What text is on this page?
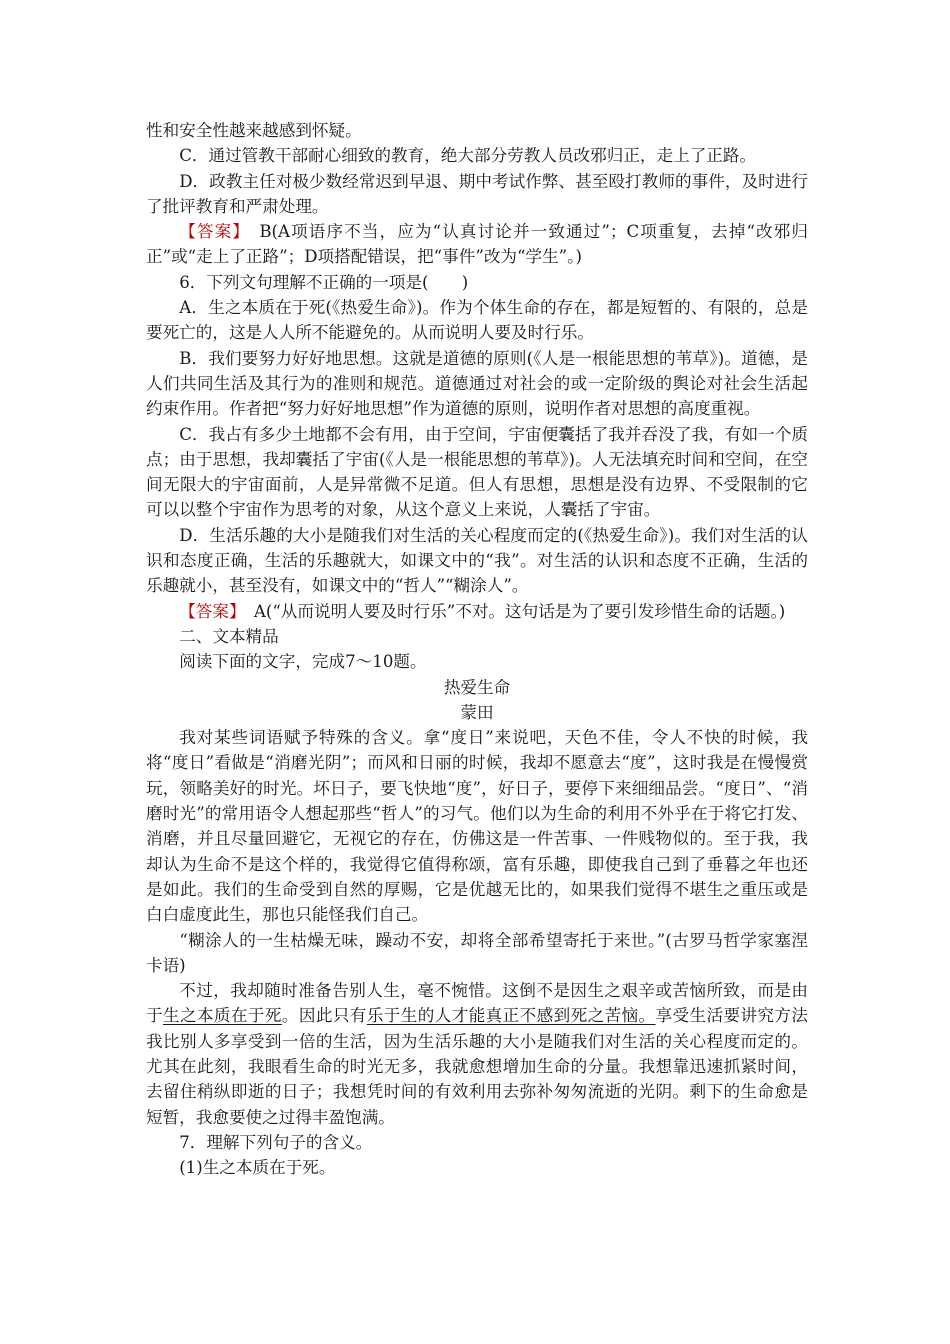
性和安全性越来越感到怀疑。

C．通过管教干部耐心细致的教育，绝大部分劳教人员改邪归正，走上了正路。

D．政教主任对极少数经常迟到早退、期中考试作弊、甚至殴打教师的事件，及时进行了批评教育和严肃处理。

【答案】　B(A项语序不当，应为“认真讨论并一致通过”；C项重复，去掉“改邪归正”或“走上了正路”；D项搭配错误，把“事件”改为“学生”。)

6．下列文句理解不正确的一项是(　　)

A．生之本质在于死(《热爱生命》)。作为个体生命的存在，都是短暂的、有限的，总是要死亡的，这是人人所不能避免的。从而说明人要及时行乐。

B．我们要努力好好地思想。这就是道德的原则(《人是一根能思想的苇草》)。道德，是人们共同生活及其行为的准则和规范。道德通过对社会的或一定阶级的舆论对社会生活起约束作用。作者把“努力好好地思想”作为道德的原则，说明作者对思想的高度重视。

C．我占有多少土地都不会有用，由于空间，宇宙便囊括了我并吞没了我，有如一个质点；由于思想，我却囊括了宇宙(《人是一根能思想的苇草》)。人无法填充时间和空间，在空间无限大的宇宙面前，人是异常微不足道。但人有思想，思想是没有边界、不受限制的它可以以整个宇宙作为思考的对象，从这个意义上来说，人囊括了宇宙。

D．生活乐趣的大小是随我们对生活的关心程度而定的(《热爱生命》)。我们对生活的认识和态度正确，生活的乐趣就大，如课文中的“我”。对生活的认识和态度不正确，生活的乐趣就小，甚至没有，如课文中的“哲人”“糊涂人”。

【答案】　A(“从而说明人要及时行乐”不对。这句话是为了要引发珍惜生命的话题。)

二、文本精品

阅读下面的文字，完成7～10题。

热爱生命

蒙田

我对某些词语赋予特殊的含义。拿“度日”来说吧，天色不佳，令人不快的时候，我将“度日”看做是“消磨光阴”；而风和日丽的时候，我却不愿意去“度”，这时我是在慢慢赏玩，领略美好的时光。坏日子，要飞快地“度”，好日子，要停下来细细品尝。“度日”、“消磨时光”的常用语令人想起那些“哲人”的习气。他们以为生命的利用不外乎在于将它打发、消磨，并且尽量回避它，无视它的存在，仿佛这是一件苦事、一件贱物似的。至于我，我却认为生命不是这个样的，我觉得它值得称颂，富有乐趣，即使我自己到了垂暮之年也还是如此。我们的生命受到自然的厚赐，它是优越无比的，如果我们觉得不堪生之重压或是白白虚度此生，那也只能怪我们自己。

“糊涂人的一生枯燥无味，躁动不安，却将全部希望寄托于来世。”(古罗马哲学家塞涅卡语)

不过，我却随时准备告别人生，毫不惋惜。这倒不是因生之艰辛或苦恼所致，而是由于生之本质在于死。因此只有乐于生的人才能真正不感到死之苦恼。享受生活要讲究方法我比别人多享受到一倍的生活，因为生活乐趣的大小是随我们对生活的关心程度而定的。尤其在此刻，我眼看生命的时光无多，我就愈想增加生命的分量。我想靠迅速抓紧时间，去留住稍纵即逝的日子；我想凭时间的有效利用去弥补匆匆流逝的光阴。剩下的生命愈是短暂，我愈要使之过得丰盈饱满。

7．理解下列句子的含义。

(1)生之本质在于死。
